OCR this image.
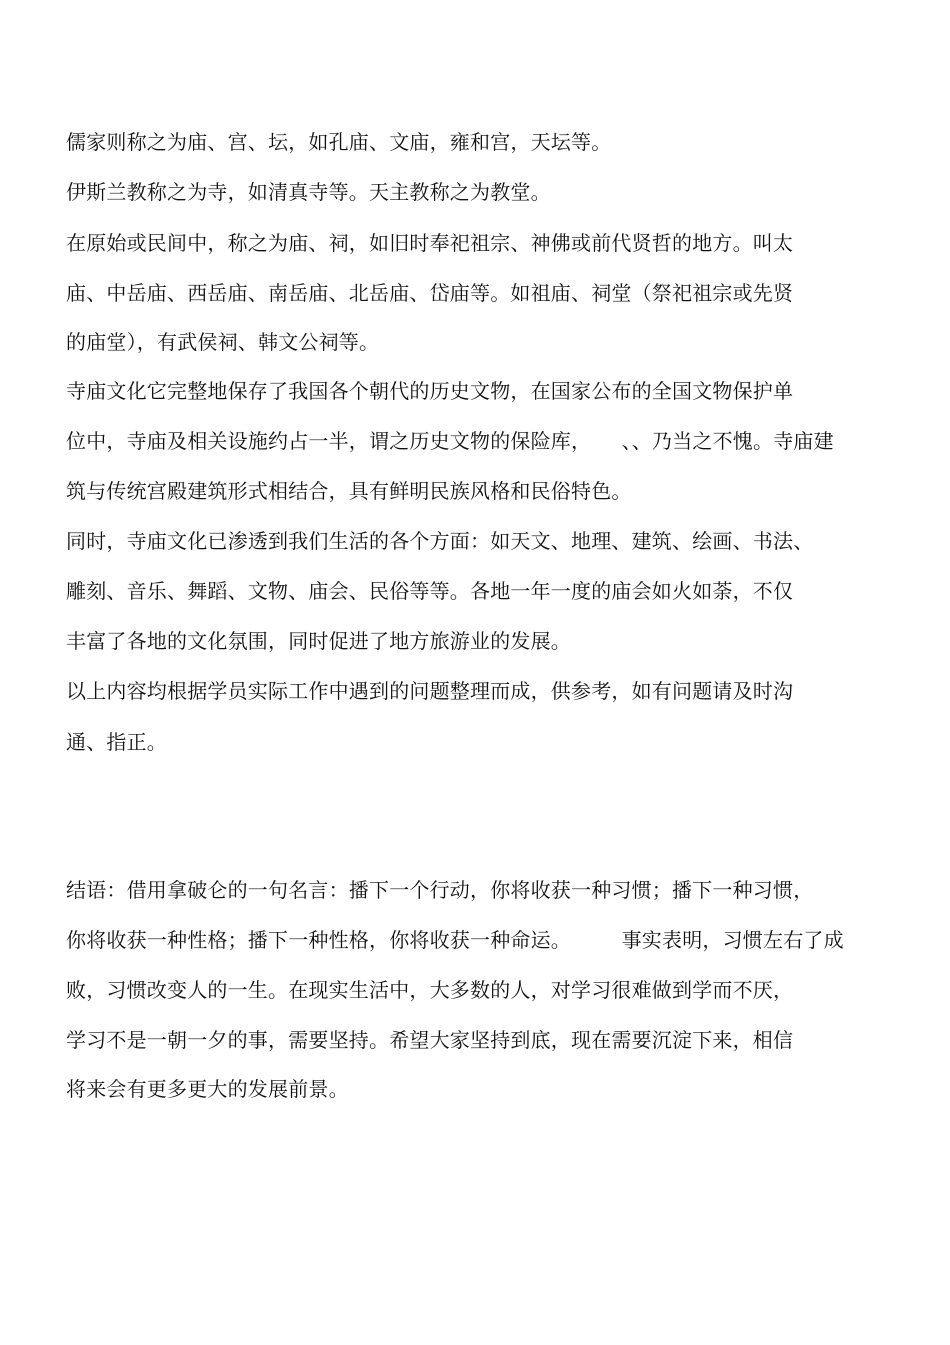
儒家则称之为庙、宫、坛，如孔庙、文庙，雍和宫，天坛等。
伊斯兰教称之为寺，如清真寺等。天主教称之为教堂。
在原始或民间中，称之为庙、祠，如旧时奉祀祖宗、神佛或前代贤哲的地方。叫太
庙、中岳庙、西岳庙、南岳庙、北岳庙、岱庙等。如祖庙、祠堂（祭祀祖宗或先贤
的庙堂），有武侯祠、韩文公祠等。
寺庙文化它完整地保存了我国各个朝代的历史文物，在国家公布的全国文物保护单
位中，寺庙及相关设施约占一半，谓之历史文物的保险库，　　、、乃当之不愧。寺庙建
筑与传统宫殿建筑形式相结合，具有鲜明民族风格和民俗特色。
同时，寺庙文化已渗透到我们生活的各个方面：如天文、地理、建筑、绘画、书法、
雕刻、音乐、舞蹈、文物、庙会、民俗等等。各地一年一度的庙会如火如荼，不仅
丰富了各地的文化氛围，同时促进了地方旅游业的发展。
以上内容均根据学员实际工作中遇到的问题整理而成，供参考，如有问题请及时沟
通、指正。
结语：借用拿破仑的一句名言：播下一个行动，你将收获一种习惯；播下一种习惯，
你将收获一种性格；播下一种性格，你将收获一种命运。　　　事实表明，习惯左右了成
败，习惯改变人的一生。在现实生活中，大多数的人，对学习很难做到学而不厌，
学习不是一朝一夕的事，需要坚持。希望大家坚持到底，现在需要沉淀下来，相信
将来会有更多更大的发展前景。
